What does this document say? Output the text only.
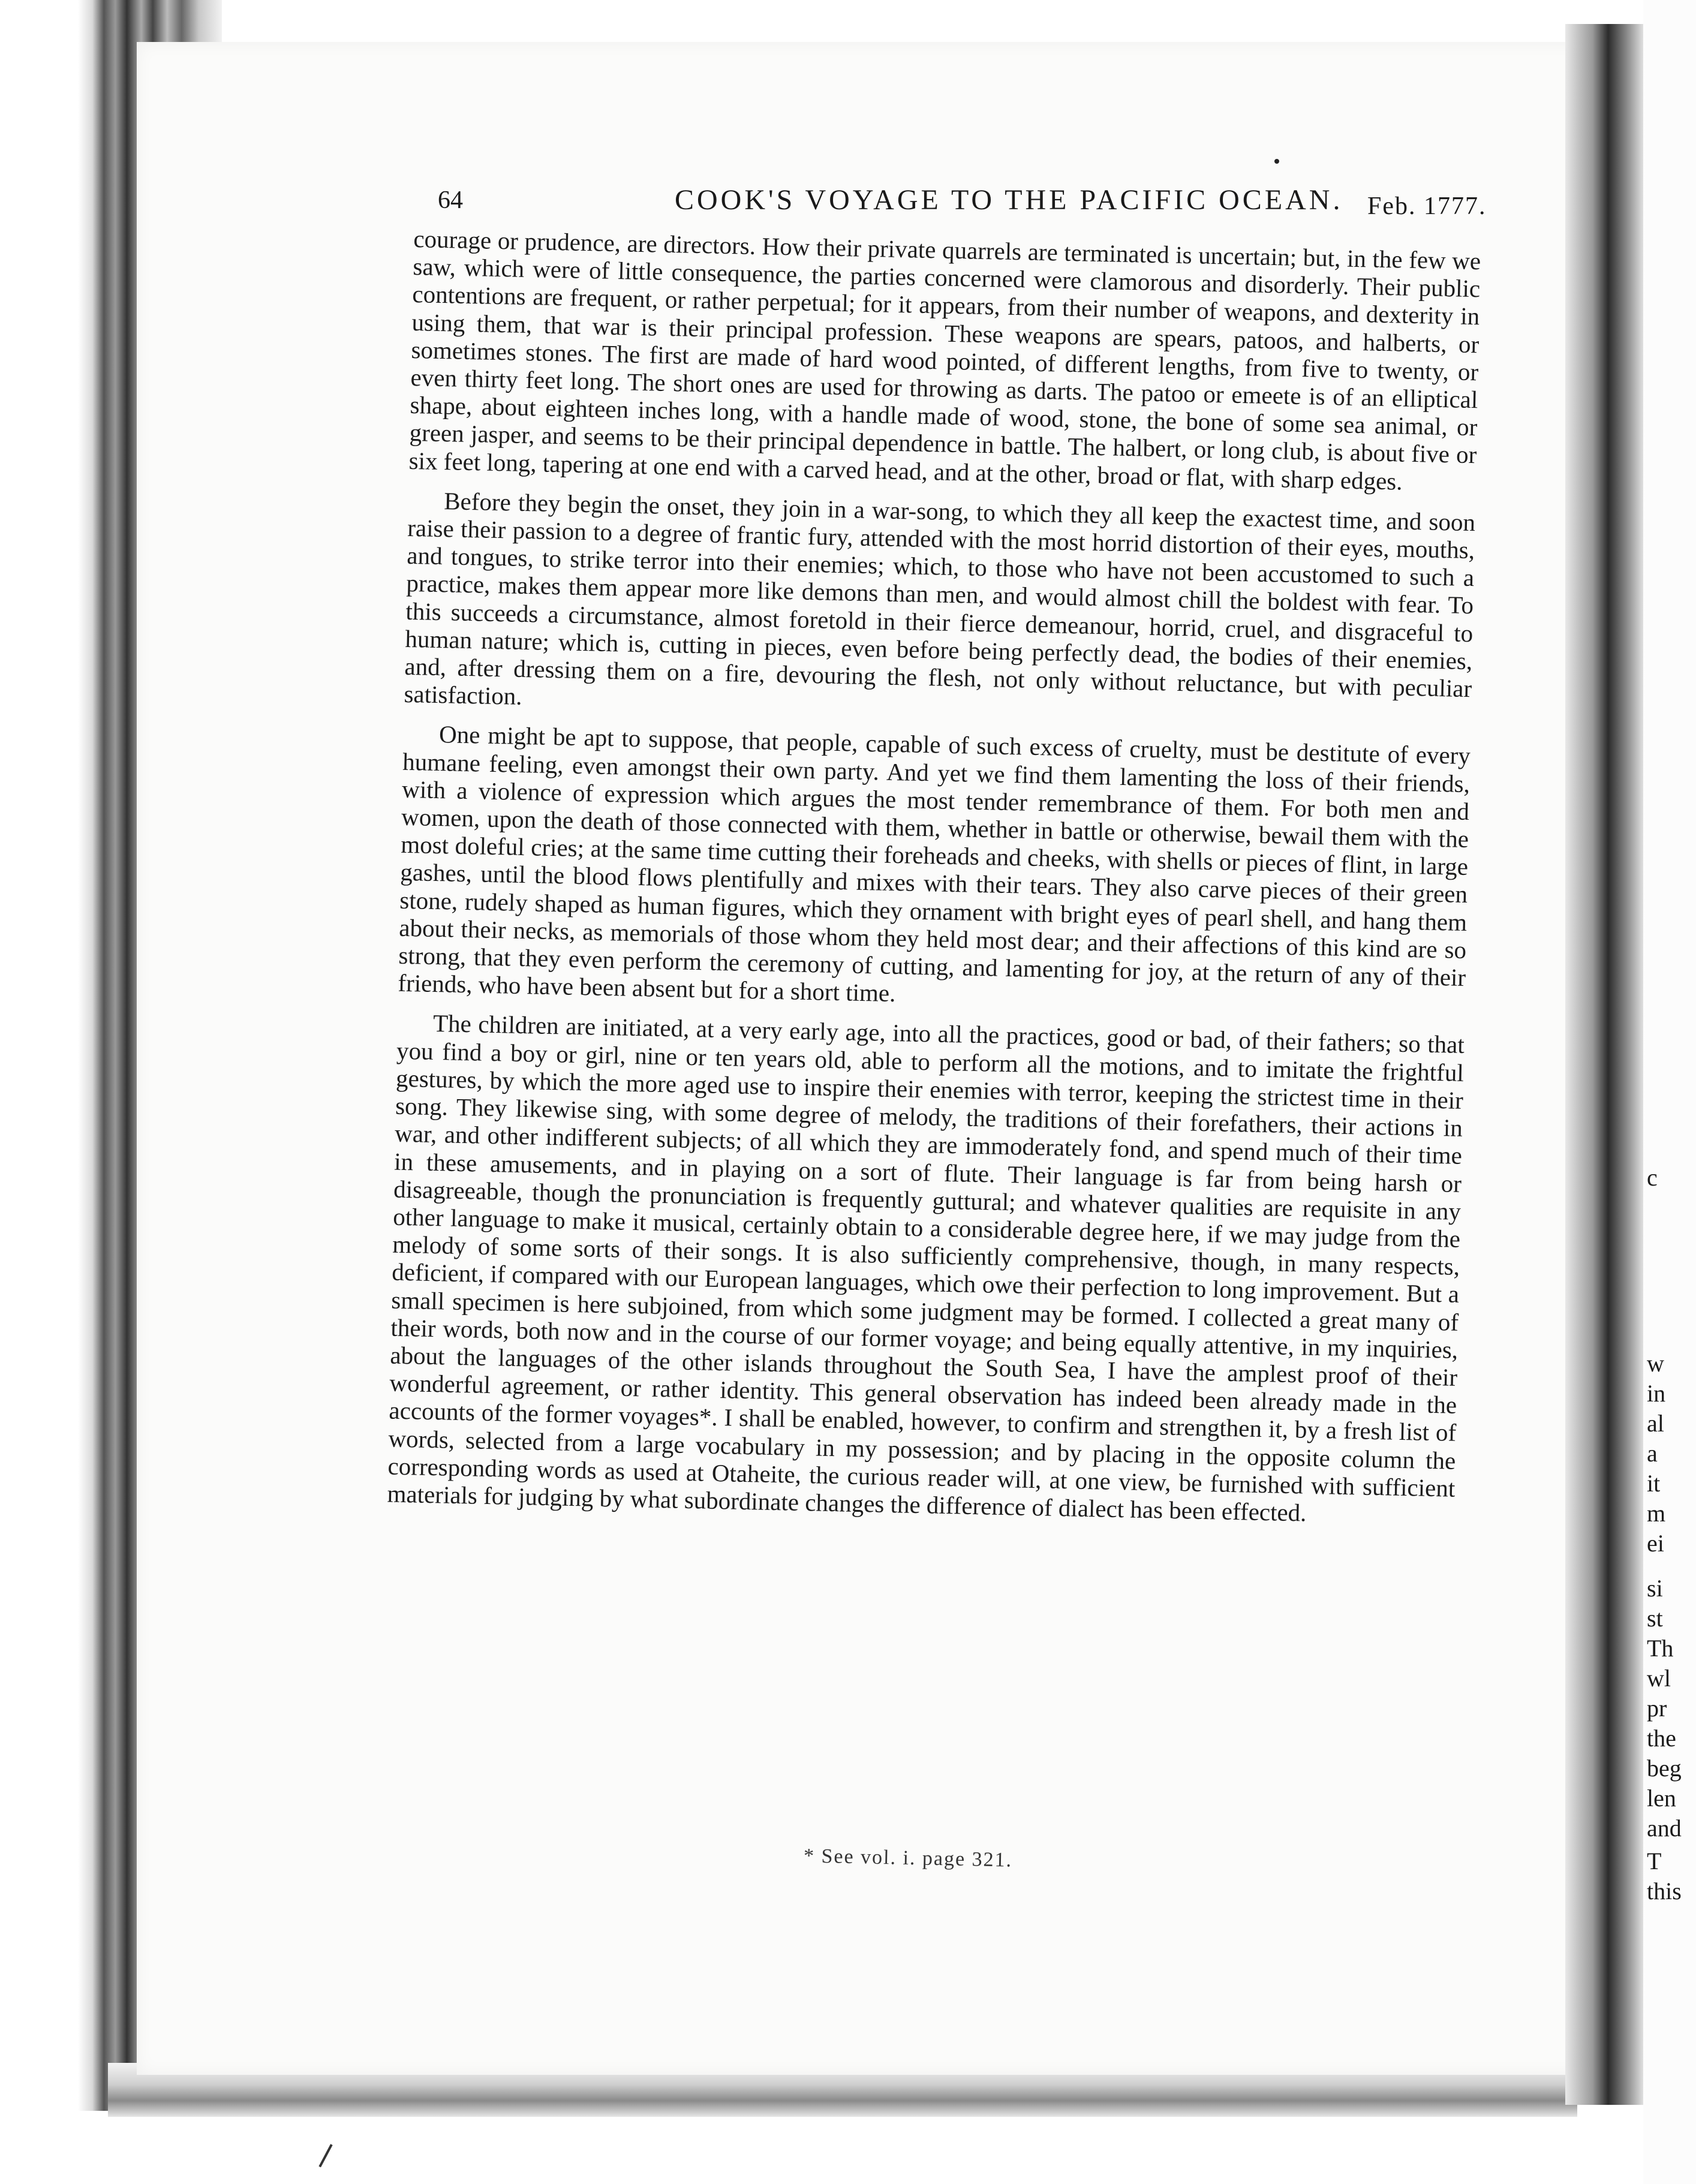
c
w
in
al
a
it
m
ei
si
st
Th
wl
pr
the
beg
len
and
T
this
64	COOK'S VOYAGE TO THE PACIFIC OCEAN. Feb. 1777.

courage or prudence, are directors. How their private quarrels are terminated is uncertain; but, in the few we saw, which were of little consequence, the parties concerned were clamorous and disorderly. Their public contentions are frequent, or rather perpetual; for it appears, from their number of weapons, and dexterity in using them, that war is their principal profession. These weapons are spears, patoos, and halberts, or sometimes stones. The first are made of hard wood pointed, of different lengths, from five to twenty, or even thirty feet long. The short ones are used for throwing as darts. The patoo or emeete is of an elliptical shape, about eighteen inches long, with a handle made of wood, stone, the bone of some sea animal, or green jasper, and seems to be their principal dependence in battle. The halbert, or long club, is about five or six feet long, tapering at one end with a carved head, and at the other, broad or flat, with sharp edges.

Before they begin the onset, they join in a war-song, to which they all keep the exactest time, and soon raise their passion to a degree of frantic fury, attended with the most horrid distortion of their eyes, mouths, and tongues, to strike terror into their enemies; which, to those who have not been accustomed to such a practice, makes them appear more like demons than men, and would almost chill the boldest with fear. To this succeeds a circumstance, almost foretold in their fierce demeanour, horrid, cruel, and disgraceful to human nature; which is, cutting in pieces, even before being perfectly dead, the bodies of their enemies, and, after dressing them on a fire, devouring the flesh, not only without reluctance, but with peculiar satisfaction.

One might be apt to suppose, that people, capable of such excess of cruelty, must be destitute of every humane feeling, even amongst their own party. And yet we find them lamenting the loss of their friends, with a violence of expression which argues the most tender remembrance of them. For both men and women, upon the death of those connected with them, whether in battle or otherwise, bewail them with the most doleful cries; at the same time cutting their foreheads and cheeks, with shells or pieces of flint, in large gashes, until the blood flows plentifully and mixes with their tears. They also carve pieces of their green stone, rudely shaped as human figures, which they ornament with bright eyes of pearl shell, and hang them about their necks, as memorials of those whom they held most dear; and their affections of this kind are so strong, that they even perform the ceremony of cutting, and lamenting for joy, at the return of any of their friends, who have been absent but for a short time.

The children are initiated, at a very early age, into all the practices, good or bad, of their fathers; so that you find a boy or girl, nine or ten years old, able to perform all the motions, and to imitate the frightful gestures, by which the more aged use to inspire their enemies with terror, keeping the strictest time in their song. They likewise sing, with some degree of melody, the traditions of their forefathers, their actions in war, and other indifferent subjects; of all which they are immoderately fond, and spend much of their time in these amusements, and in playing on a sort of flute. Their language is far from being harsh or disagreeable, though the pronunciation is frequently guttural; and whatever qualities are requisite in any other language to make it musical, certainly obtain to a considerable degree here, if we may judge from the melody of some sorts of their songs. It is also sufficiently comprehensive, though, in many respects, deficient, if compared with our European languages, which owe their perfection to long improvement. But a small specimen is here subjoined, from which some judgment may be formed. I collected a great many of their words, both now and in the course of our former voyage; and being equally attentive, in my inquiries, about the languages of the other islands throughout the South Sea, I have the amplest proof of their wonderful agreement, or rather identity. This general observation has indeed been already made in the accounts of the former voyages*. I shall be enabled, however, to confirm and strengthen it, by a fresh list of words, selected from a large vocabulary in my possession; and by placing in the opposite column the corresponding words as used at Otaheite, the curious reader will, at one view, be furnished with sufficient materials for judging by what subordinate changes the difference of dialect has been effected.

* See vol. i. page 321.
